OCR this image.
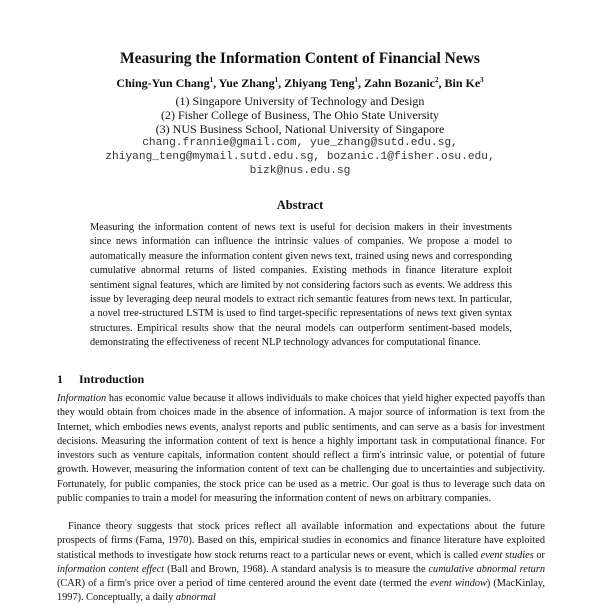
Measuring the Information Content of Financial News
Ching-Yun Chang$^1$, Yue Zhang$^1$, Zhiyang Teng$^1$, Zahn Bozanic$^2$, Bin Ke$^3$
(1) Singapore University of Technology and Design
(2) Fisher College of Business, The Ohio State University
(3) NUS Business School, National University of Singapore
chang.frannie@gmail.com, yue_zhang@sutd.edu.sg,
zhiyang_teng@mymail.sutd.edu.sg, bozanic.1@fisher.osu.edu,
bizk@nus.edu.sg
Abstract
Measuring the information content of news text is useful for decision makers in their investments since news information can influence the intrinsic values of companies. We propose a model to automatically measure the information content given news text, trained using news and corresponding cumulative abnormal returns of listed companies. Existing methods in finance literature exploit sentiment signal features, which are limited by not considering factors such as events. We address this issue by leveraging deep neural models to extract rich semantic features from news text. In particular, a novel tree-structured LSTM is used to find target-specific representations of news text given syntax structures. Empirical results show that the neural models can outperform sentiment-based models, demonstrating the effectiveness of recent NLP technology advances for computational finance.
1 Introduction

Information has economic value because it allows individuals to make choices that yield higher expected payoffs than they would obtain from choices made in the absence of information. A major source of information is text from the Internet, which embodies news events, analyst reports and public sentiments, and can serve as a basis for investment decisions. Measuring the information content of text is hence a highly important task in computational finance. For investors such as venture capitals, information content should reflect a firm's intrinsic value, or potential of future growth. However, measuring the information content of text can be challenging due to uncertainties and subjectivity. Fortunately, for public companies, the stock price can be used as a metric. Our goal is thus to leverage such data on public companies to train a model for measuring the information content of news on arbitrary companies.

Finance theory suggests that stock prices reflect all available information and expectations about the future prospects of firms (Fama, 1970). Based on this, empirical studies in economics and finance literature have exploited statistical methods to investigate how stock returns react to a particular news or event, which is called event studies or information content effect (Ball and Brown, 1968). A standard analysis is to measure the cumulative abnormal return (CAR) of a firm's price over a period of time centered around the event date (termed the event window) (MacKinlay, 1997). Conceptually, a daily abnormal
